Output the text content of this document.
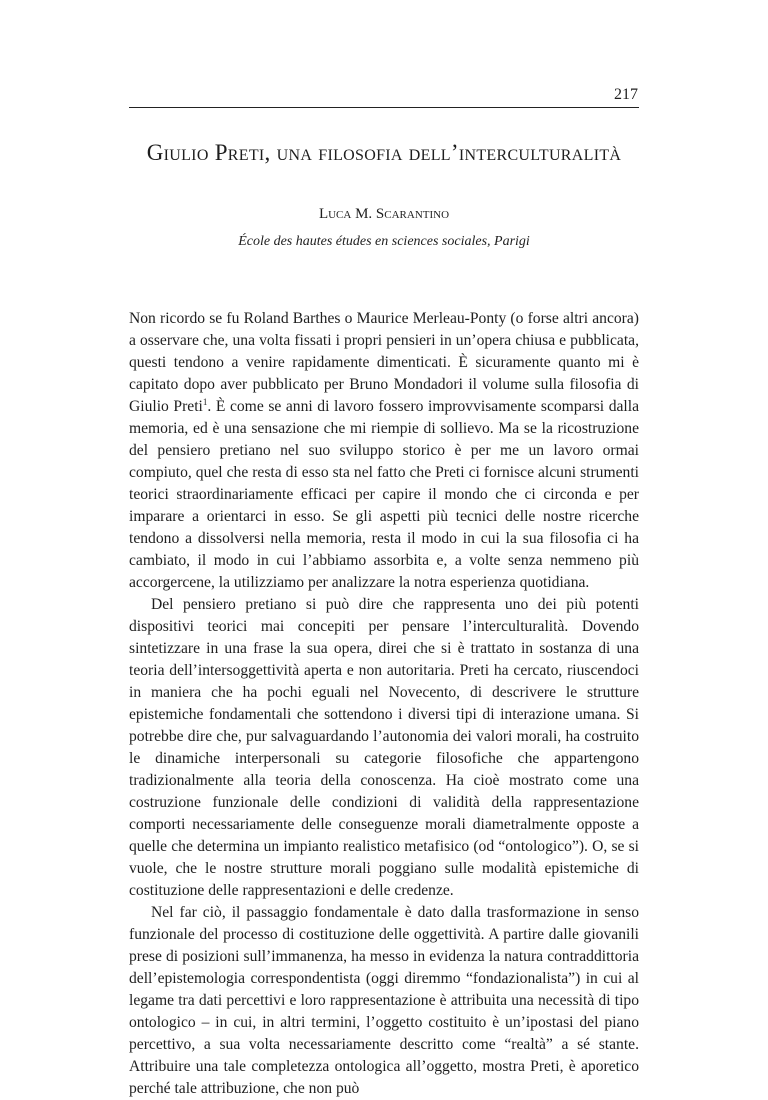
217
Giulio Preti, una filosofia dell’interculturalità
Luca M. Scarantino
École des hautes études en sciences sociales, Parigi

Non ricordo se fu Roland Barthes o Maurice Merleau-Ponty (o forse altri ancora) a osservare che, una volta fissati i propri pensieri in un’opera chiusa e pubblicata, questi tendono a venire rapidamente dimenticati. È sicuramente quanto mi è capitato dopo aver pubblicato per Bruno Mondadori il volume sulla filosofia di Giulio Preti$^1$. È come se anni di lavoro fossero improvvisamente scomparsi dalla memoria, ed è una sensazione che mi riempie di sollievo. Ma se la ricostruzione del pensiero pretiano nel suo sviluppo storico è per me un lavoro ormai compiuto, quel che resta di esso sta nel fatto che Preti ci fornisce alcuni strumenti teorici straordinariamente efficaci per capire il mondo che ci circonda e per imparare a orientarci in esso. Se gli aspetti più tecnici delle nostre ricerche tendono a dissolversi nella memoria, resta il modo in cui la sua filosofia ci ha cambiato, il modo in cui l’abbiamo assorbita e, a volte senza nemmeno più accorgercene, la utilizziamo per analizzare la notra esperienza quotidiana.

Del pensiero pretiano si può dire che rappresenta uno dei più potenti dispositivi teorici mai concepiti per pensare l’interculturalità. Dovendo sintetizzare in una frase la sua opera, direi che si è trattato in sostanza di una teoria dell’intersoggettività aperta e non autoritaria. Preti ha cercato, riuscendoci in maniera che ha pochi eguali nel Novecento, di descrivere le strutture epistemiche fondamentali che sottendono i diversi tipi di interazione umana. Si potrebbe dire che, pur salvaguardando l’autonomia dei valori morali, ha costruito le dinamiche interpersonali su categorie filosofiche che appartengono tradizionalmente alla teoria della conoscenza. Ha cioè mostrato come una costruzione funzionale delle condizioni di validità della rappresentazione comporti necessariamente delle conseguenze morali diametralmente opposte a quelle che determina un impianto realistico metafisico (od “ontologico”). O, se si vuole, che le nostre strutture morali poggiano sulle modalità epistemiche di costituzione delle rappresentazioni e delle credenze.

Nel far ciò, il passaggio fondamentale è dato dalla trasformazione in senso funzionale del processo di costituzione delle oggettività. A partire dalle giovanili prese di posizioni sull’immanenza, ha messo in evidenza la natura contraddittoria dell’epistemologia correspondentista (oggi diremmo “fondazionalista”) in cui al legame tra dati percettivi e loro rappresentazione è attribuita una necessità di tipo ontologico – in cui, in altri termini, l’oggetto costituito è un’ipostasi del piano percettivo, a sua volta necessariamente descritto come “realtà” a sé stante. Attribuire una tale completezza ontologica all’oggetto, mostra Preti, è aporetico perché tale attribuzione, che non può
